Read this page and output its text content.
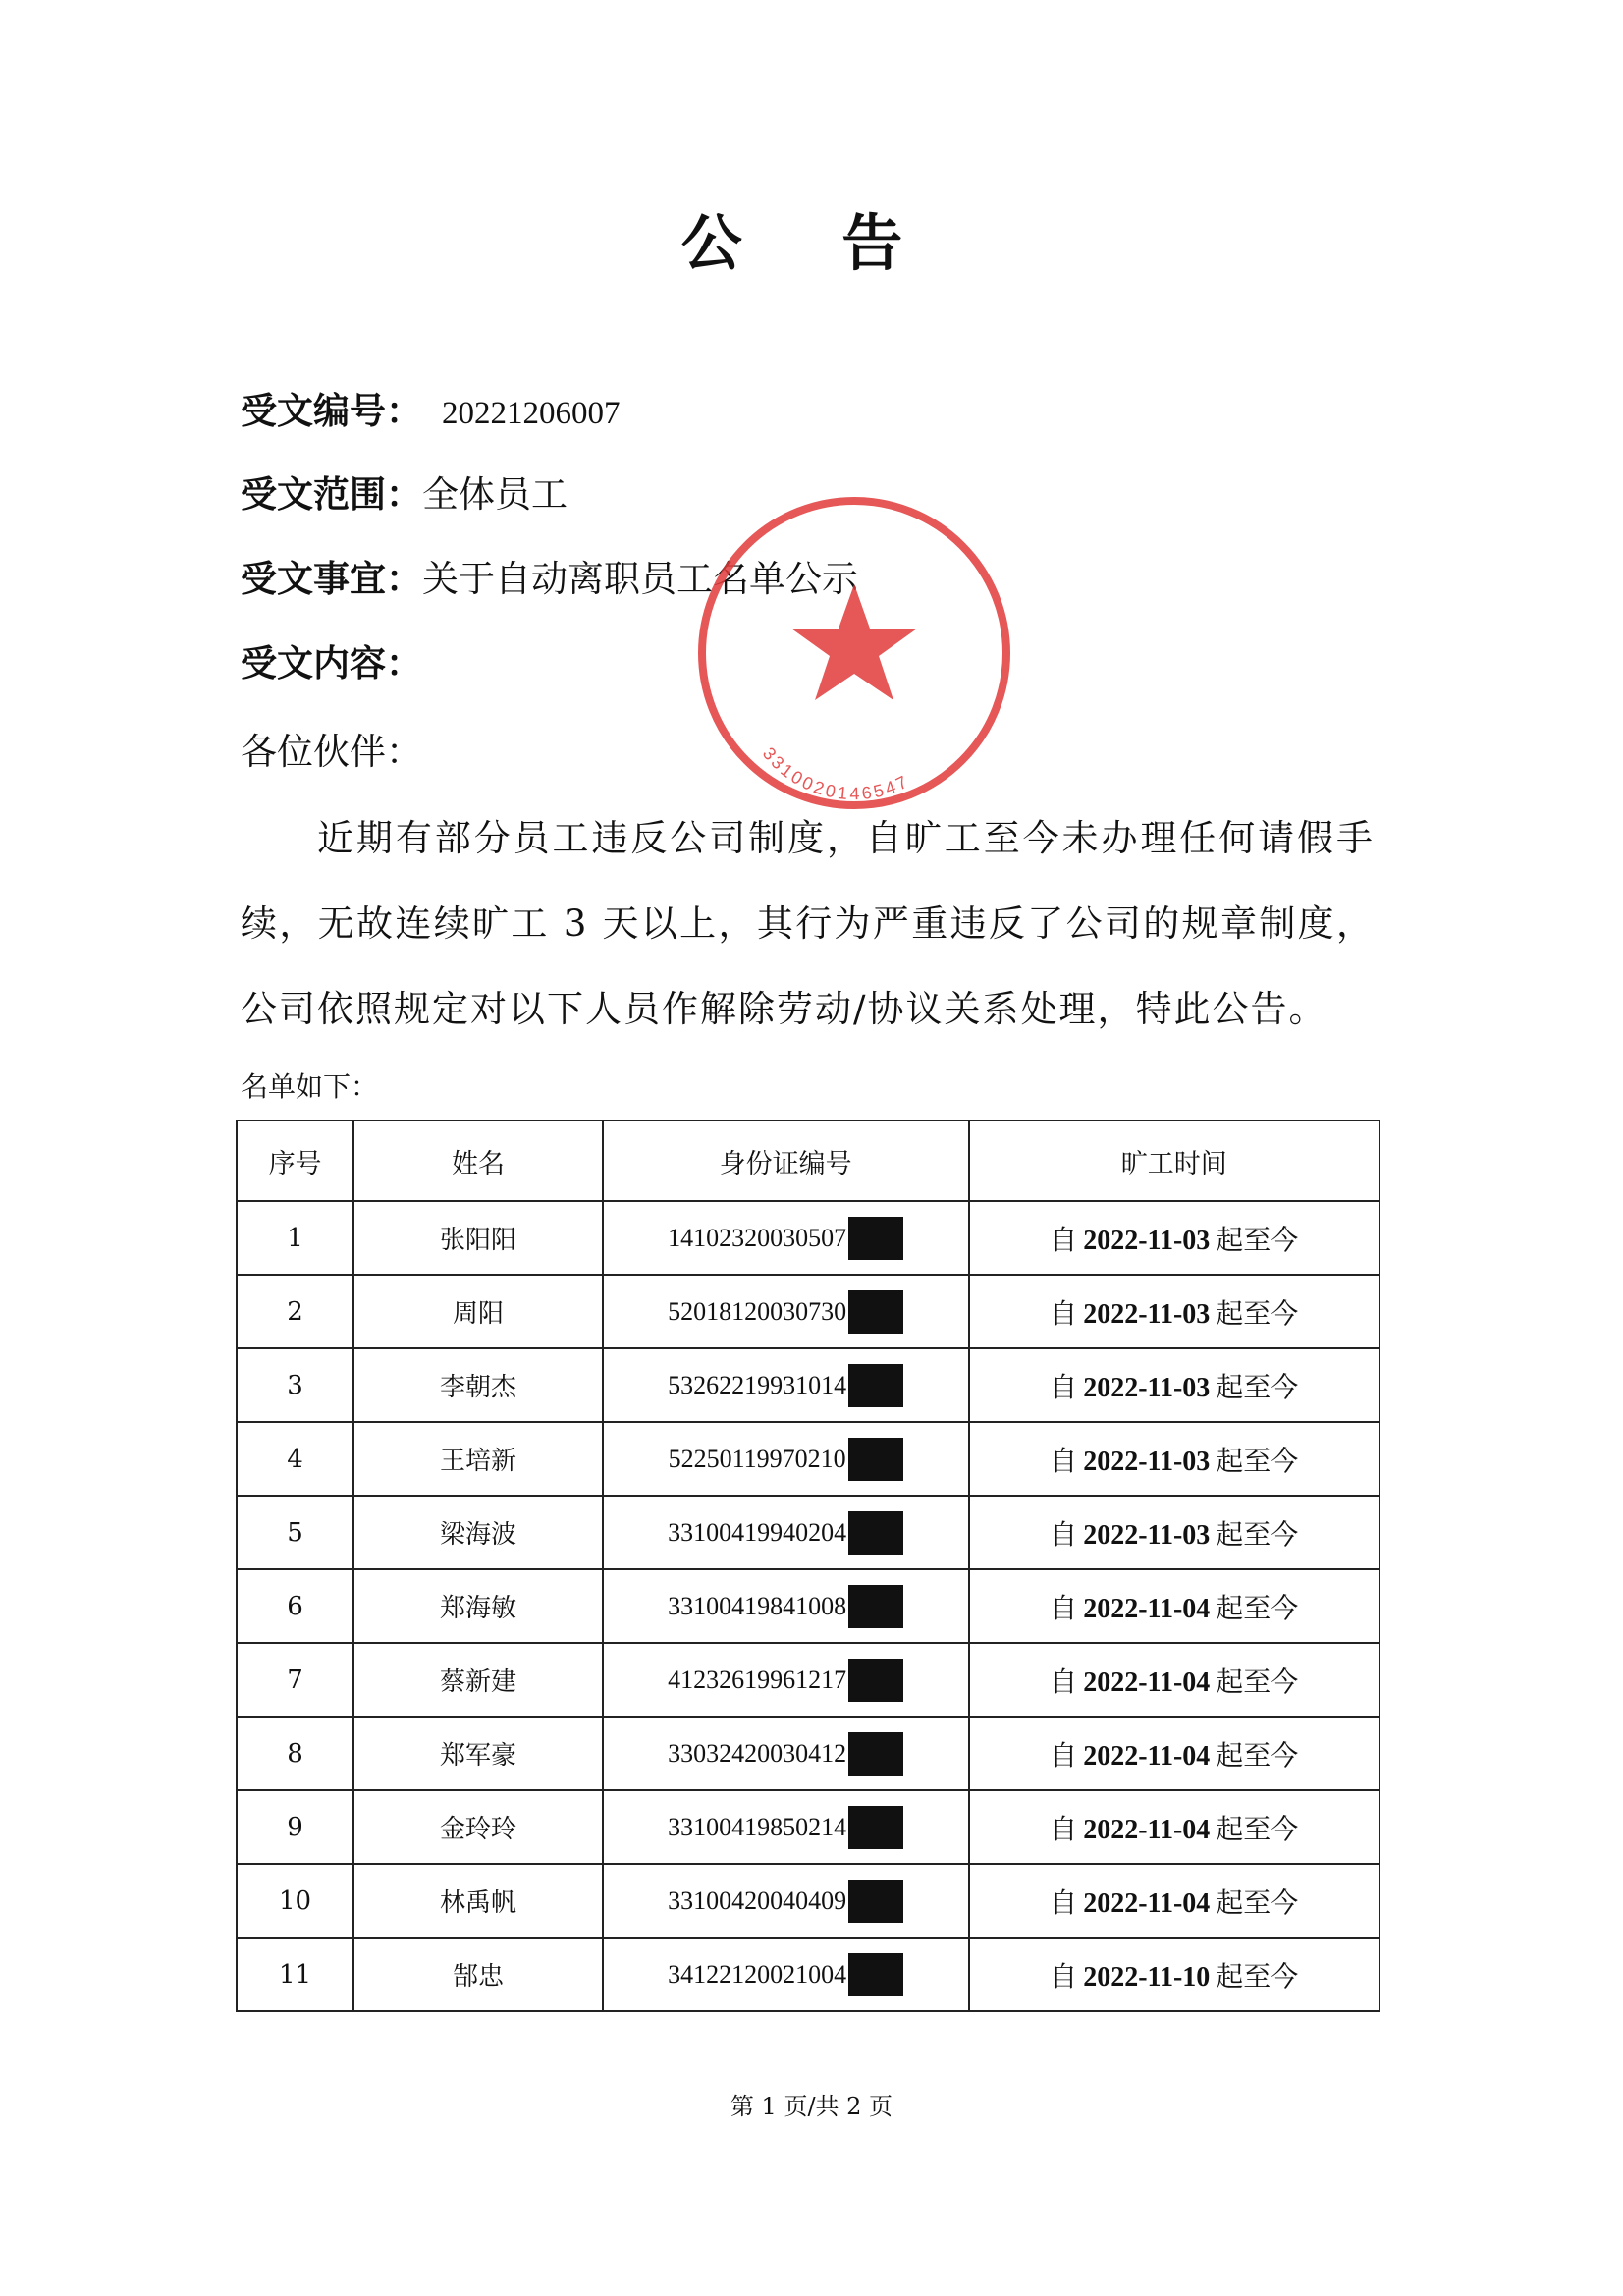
公 告
受文编号： 20221206007
受文范围：全体员工
受文事宜：关于自动离职员工名单公示
受文内容：
各位伙伴：
近期有部分员工违反公司制度，自旷工至今未办理任何请假手续，无故连续旷工 3 天以上，其行为严重违反了公司的规章制度，公司依照规定对以下人员作解除劳动/协议关系处理，特此公告。
名单如下：
序号	姓名	身份证编号	旷工时间
1	张阳阳	14102320030507	自 2022-11-03 起至今
2	周阳	52018120030730	自 2022-11-03 起至今
3	李朝杰	53262219931014	自 2022-11-03 起至今
4	王培新	52250119970210	自 2022-11-03 起至今
5	梁海波	33100419940204	自 2022-11-03 起至今
6	郑海敏	33100419841008	自 2022-11-04 起至今
7	蔡新建	41232619961217	自 2022-11-04 起至今
8	郑军豪	33032420030412	自 2022-11-04 起至今
9	金玲玲	33100419850214	自 2022-11-04 起至今
10	林禹帆	33100420040409	自 2022-11-04 起至今
11	郜忠	34122120021004	自 2022-11-10 起至今
3310020146547
第 1 页/共 2 页
